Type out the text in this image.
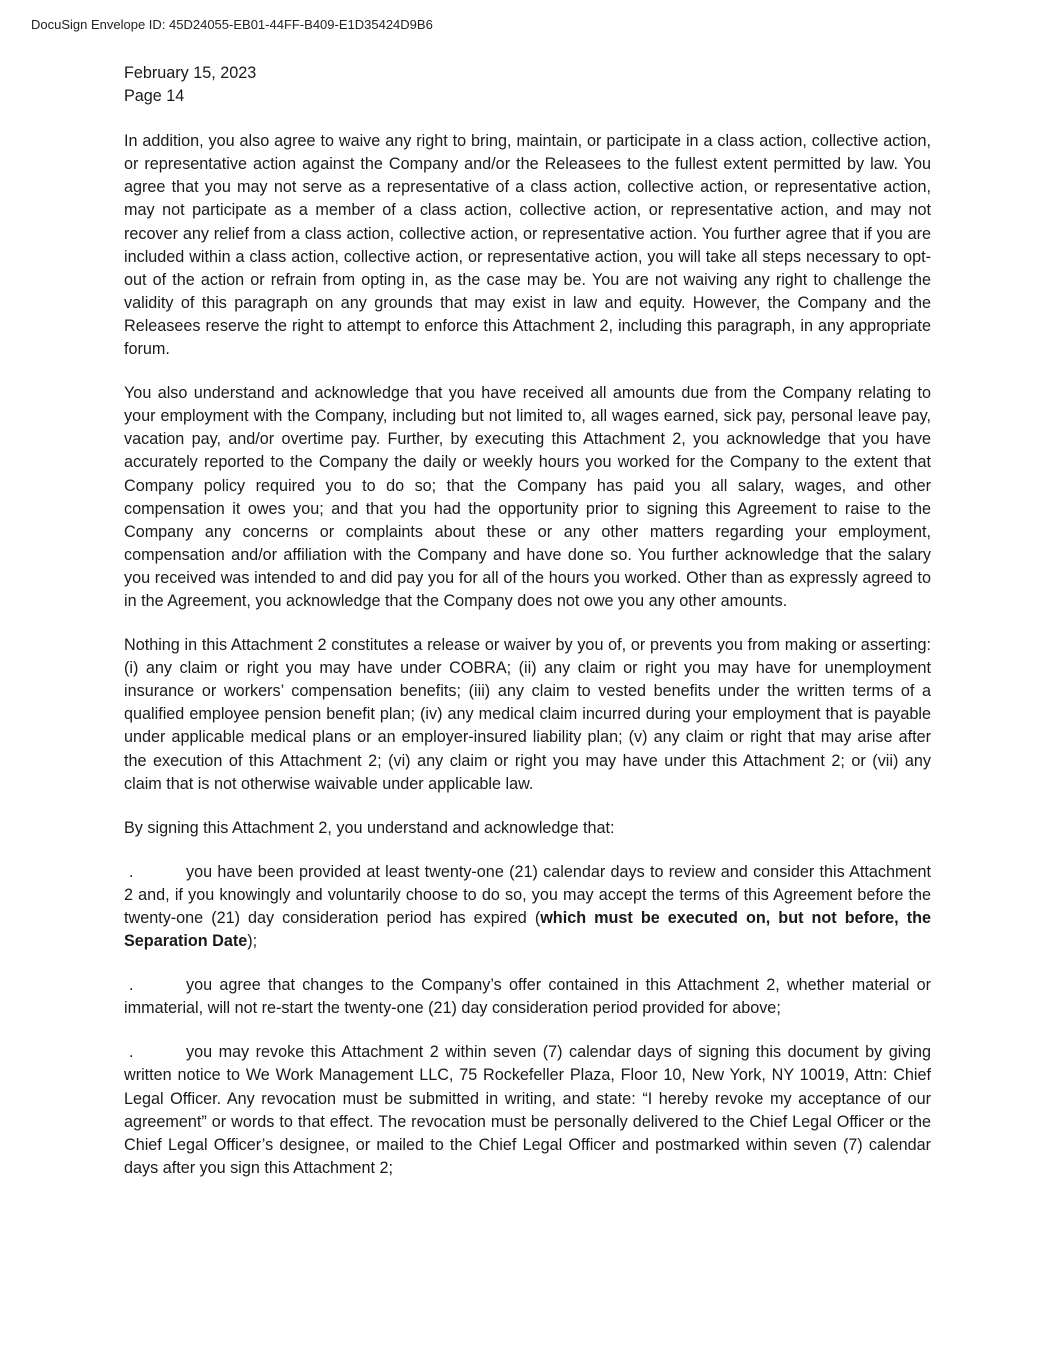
DocuSign Envelope ID: 45D24055-EB01-44FF-B409-E1D35424D9B6
February 15, 2023
Page 14

In addition, you also agree to waive any right to bring, maintain, or participate in a class action, collective action, or representative action against the Company and/or the Releasees to the fullest extent permitted by law. You agree that you may not serve as a representative of a class action, collective action, or representative action, may not participate as a member of a class action, collective action, or representative action, and may not recover any relief from a class action, collective action, or representative action. You further agree that if you are included within a class action, collective action, or representative action, you will take all steps necessary to opt-out of the action or refrain from opting in, as the case may be. You are not waiving any right to challenge the validity of this paragraph on any grounds that may exist in law and equity. However, the Company and the Releasees reserve the right to attempt to enforce this Attachment 2, including this paragraph, in any appropriate forum.

You also understand and acknowledge that you have received all amounts due from the Company relating to your employment with the Company, including but not limited to, all wages earned, sick pay, personal leave pay, vacation pay, and/or overtime pay. Further, by executing this Attachment 2, you acknowledge that you have accurately reported to the Company the daily or weekly hours you worked for the Company to the extent that Company policy required you to do so; that the Company has paid you all salary, wages, and other compensation it owes you; and that you had the opportunity prior to signing this Agreement to raise to the Company any concerns or complaints about these or any other matters regarding your employment, compensation and/or affiliation with the Company and have done so. You further acknowledge that the salary you received was intended to and did pay you for all of the hours you worked. Other than as expressly agreed to in the Agreement, you acknowledge that the Company does not owe you any other amounts.

Nothing in this Attachment 2 constitutes a release or waiver by you of, or prevents you from making or asserting: (i) any claim or right you may have under COBRA; (ii) any claim or right you may have for unemployment insurance or workers’ compensation benefits; (iii) any claim to vested benefits under the written terms of a qualified employee pension benefit plan; (iv) any medical claim incurred during your employment that is payable under applicable medical plans or an employer-insured liability plan; (v) any claim or right that may arise after the execution of this Attachment 2; (vi) any claim or right you may have under this Attachment 2; or (vii) any claim that is not otherwise waivable under applicable law.

By signing this Attachment 2, you understand and acknowledge that:

.	you have been provided at least twenty-one (21) calendar days to review and consider this Attachment 2 and, if you knowingly and voluntarily choose to do so, you may accept the terms of this Agreement before the twenty-one (21) day consideration period has expired (which must be executed on, but not before, the Separation Date);

.	you agree that changes to the Company’s offer contained in this Attachment 2, whether material or immaterial, will not re-start the twenty-one (21) day consideration period provided for above;

.	you may revoke this Attachment 2 within seven (7) calendar days of signing this document by giving written notice to We Work Management LLC, 75 Rockefeller Plaza, Floor 10, New York, NY 10019, Attn: Chief Legal Officer. Any revocation must be submitted in writing, and state: “I hereby revoke my acceptance of our agreement” or words to that effect. The revocation must be personally delivered to the Chief Legal Officer or the Chief Legal Officer’s designee, or mailed to the Chief Legal Officer and postmarked within seven (7) calendar days after you sign this Attachment 2;
